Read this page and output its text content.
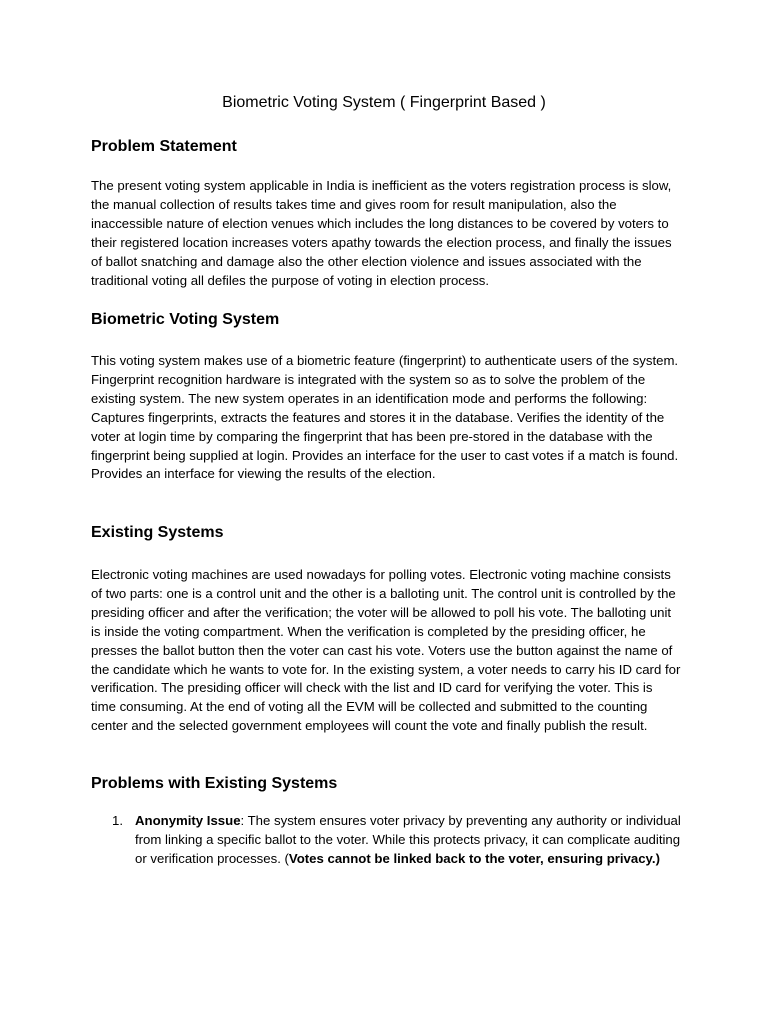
Biometric Voting System ( Fingerprint Based )
Problem Statement

The present voting system applicable in India is inefficient as the voters registration process is slow, the manual collection of results takes time and gives room for result manipulation, also the inaccessible nature of election venues which includes the long distances to be covered by voters to their registered location increases voters apathy towards the election process, and finally the issues of ballot snatching and damage also the other election violence and issues associated with the traditional voting all defiles the purpose of voting in election process.

Biometric Voting System

This voting system makes use of a biometric feature (fingerprint) to authenticate users of the system. Fingerprint recognition hardware is integrated with the system so as to solve the problem of the existing system. The new system operates in an identification mode and performs the following: Captures fingerprints, extracts the features and stores it in the database. Verifies the identity of the voter at login time by comparing the fingerprint that has been pre-stored in the database with the fingerprint being supplied at login. Provides an interface for the user to cast votes if a match is found. Provides an interface for viewing the results of the election.

Existing Systems

Electronic voting machines are used nowadays for polling votes. Electronic voting machine consists of two parts: one is a control unit and the other is a balloting unit. The control unit is controlled by the presiding officer and after the verification; the voter will be allowed to poll his vote. The balloting unit is inside the voting compartment. When the verification is completed by the presiding officer, he presses the ballot button then the voter can cast his vote. Voters use the button against the name of the candidate which he wants to vote for. In the existing system, a voter needs to carry his ID card for verification. The presiding officer will check with the list and ID card for verifying the voter. This is time consuming. At the end of voting all the EVM will be collected and submitted to the counting center and the selected government employees will count the vote and finally publish the result.

Problems with Existing Systems
1. Anonymity Issue: The system ensures voter privacy by preventing any authority or individual from linking a specific ballot to the voter. While this protects privacy, it can complicate auditing or verification processes. (Votes cannot be linked back to the voter, ensuring privacy.)
